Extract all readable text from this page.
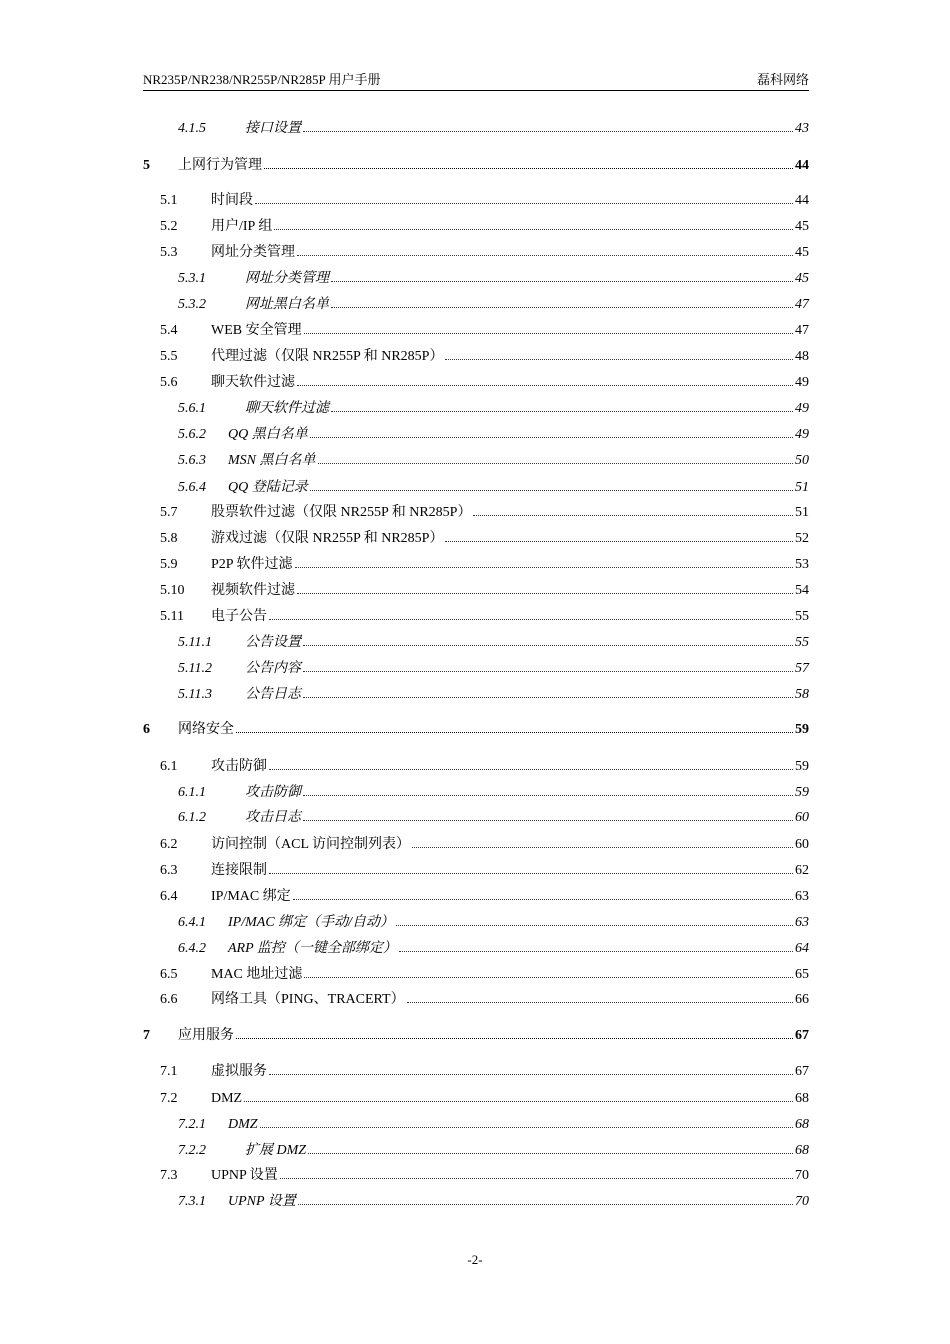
NR235P/NR238/NR255P/NR285P 用户手册	磊科网络
4.1.5	接口设置	43
5	上网行为管理	44
5.1	时间段	44
5.2	用户/IP 组	45
5.3	网址分类管理	45
5.3.1	网址分类管理	45
5.3.2	网址黑白名单	47
5.4	WEB 安全管理	47
5.5	代理过滤（仅限 NR255P 和 NR285P）	48
5.6	聊天软件过滤	49
5.6.1	聊天软件过滤	49
5.6.2	QQ 黑白名单	49
5.6.3	MSN 黑白名单	50
5.6.4	QQ 登陆记录	51
5.7	股票软件过滤（仅限 NR255P 和 NR285P）	51
5.8	游戏过滤（仅限 NR255P 和 NR285P）	52
5.9	P2P 软件过滤	53
5.10	视频软件过滤	54
5.11	电子公告	55
5.11.1	公告设置	55
5.11.2	公告内容	57
5.11.3	公告日志	58
6	网络安全	59
6.1	攻击防御	59
6.1.1	攻击防御	59
6.1.2	攻击日志	60
6.2	访问控制（ACL 访问控制列表）	60
6.3	连接限制	62
6.4	IP/MAC 绑定	63
6.4.1	IP/MAC 绑定（手动/自动）	63
6.4.2	ARP 监控（一键全部绑定）	64
6.5	MAC 地址过滤	65
6.6	网络工具（PING、TRACERT）	66
7	应用服务	67
7.1	虚拟服务	67
7.2	DMZ	68
7.2.1	DMZ	68
7.2.2	扩展 DMZ	68
7.3	UPNP 设置	70
7.3.1	UPNP 设置	70
-2-
